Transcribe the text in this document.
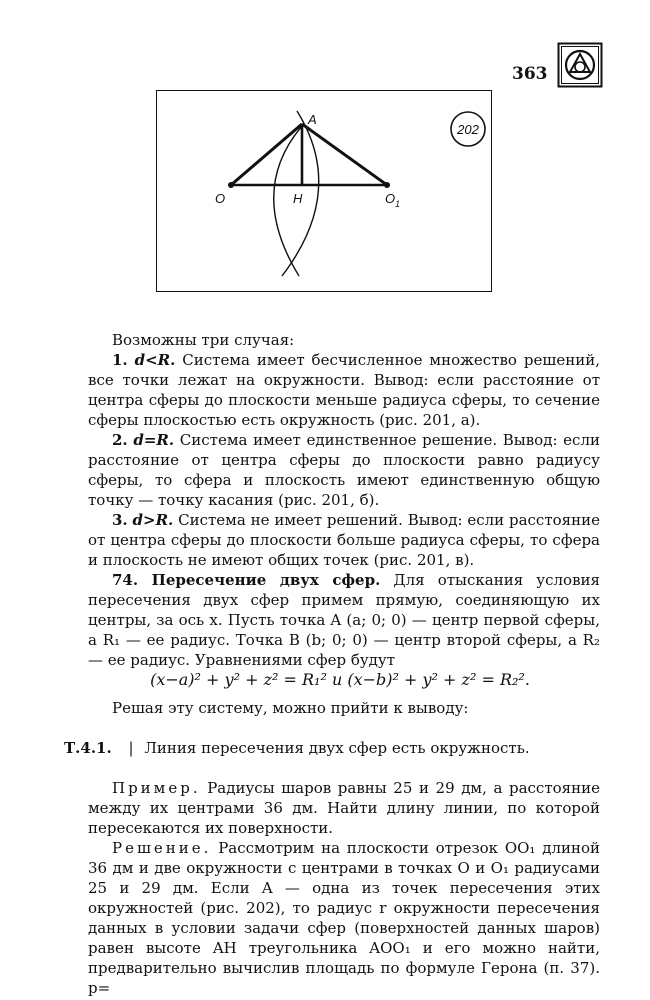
363
202
A
O	H	O 1

Возможны три случая:

1. d<R. Система имеет бесчисленное множество решений, все точки лежат на окружности. Вывод: если расстояние от центра сферы до плоскости меньше радиуса сферы, то сечение сферы плоскостью есть окружность (рис. 201, а).

2. d=R. Система имеет единственное решение. Вывод: если расстояние от центра сферы до плоскости равно радиусу сферы, то сфера и плоскость имеют единственную общую точку — точку касания (рис. 201, б).

3. d>R. Система не имеет решений. Вывод: если расстояние от центра сферы до плоскости больше радиуса сферы, то сфера и плоскость не имеют общих точек (рис. 201, в).

74. Пересечение двух сфер. Для отыскания условия пересечения двух сфер примем прямую, соединяющую их центры, за ось x. Пусть точка A (a; 0; 0) — центр первой сферы, а R₁ — ее радиус. Точка B (b; 0; 0) — центр второй сферы, а R₂ — ее радиус. Уравнениями сфер будут

(x−a)² + y² + z² = R₁² и (x−b)² + y² + z² = R₂².

Решая эту систему, можно прийти к выводу:

Т.4.1. | Линия пересечения двух сфер есть окружность.

Пример. Радиусы шаров равны 25 и 29 дм, а расстояние между их центрами 36 дм. Найти длину линии, по которой пересекаются их поверхности.

Решение. Рассмотрим на плоскости отрезок OO₁ длиной 36 дм и две окружности с центрами в точках O и O₁ радиусами 25 и 29 дм. Если A — одна из точек пересечения этих окружностей (рис. 202), то радиус r окружности пересечения данных в условии задачи сфер (поверхностей данных шаров) равен высоте AH треугольника AOO₁ и его можно найти, предварительно вычислив площадь по формуле Герона (п. 37). p=
